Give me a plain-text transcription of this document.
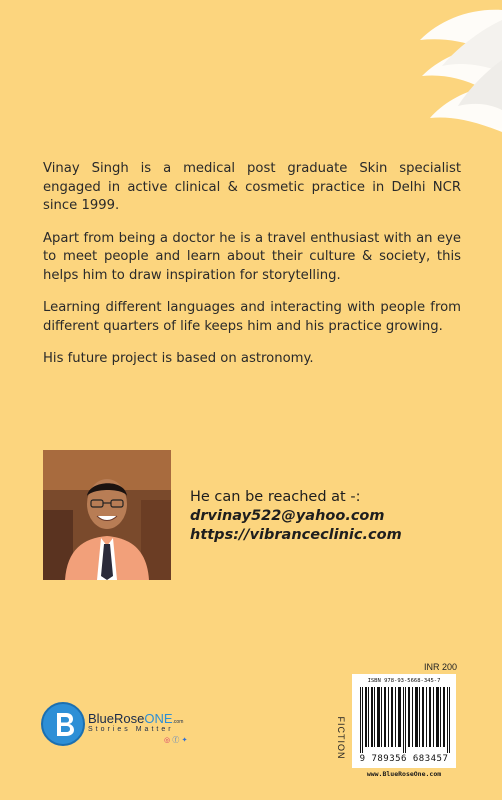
Vinay Singh is a medical post graduate Skin specialist engaged in active clinical & cosmetic practice in Delhi NCR since 1999.

Apart from being a doctor he is a travel enthusiast with an eye to meet people and learn about their culture & society, this helps him to draw inspiration for storytelling.

Learning different languages and interacting with people from different quarters of life keeps him and his practice growing.

His future project is based on astronomy.

He can be reached at -:
drvinay522@yahoo.com
https://vibranceclinic.com
BlueRoseONE.com
Stories Matter
◎ ⓕ ✦
INR 200
FICTION
ISBN 978-93-5668-345-7
9 789356 683457
www.BlueRoseOne.com
